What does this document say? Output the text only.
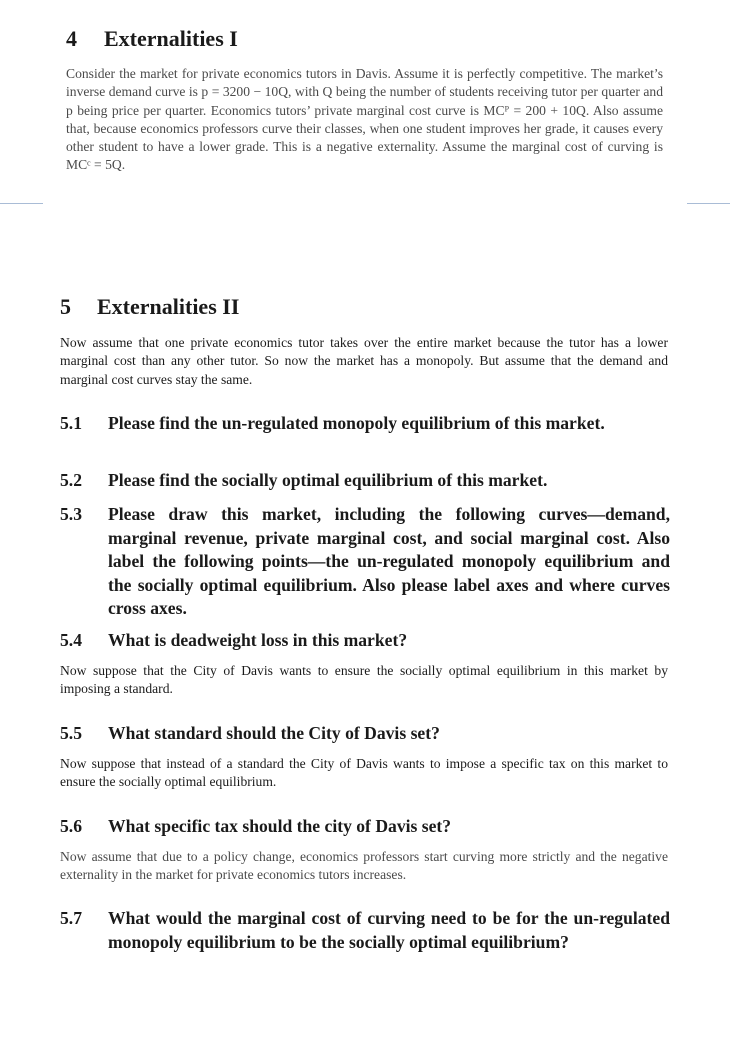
4 Externalities I
Consider the market for private economics tutors in Davis. Assume it is perfectly competitive. The market’s inverse demand curve is p = 3200 − 10Q, with Q being the number of students receiving tutor per quarter and p being price per quarter. Economics tutors’ private marginal cost curve is MCᴾ = 200 + 10Q. Also assume that, because economics professors curve their classes, when one student improves her grade, it causes every other student to have a lower grade. This is a negative externality. Assume the marginal cost of curving is MCᶜ = 5Q.
5 Externalities II
Now assume that one private economics tutor takes over the entire market because the tutor has a lower marginal cost than any other tutor. So now the market has a monopoly. But assume that the demand and marginal cost curves stay the same.
5.1	Please find the un-regulated monopoly equilibrium of this market.
5.2	Please find the socially optimal equilibrium of this market.
5.3	Please draw this market, including the following curves—demand, marginal revenue, private marginal cost, and social marginal cost. Also label the following points—the un-regulated monopoly equilibrium and the socially optimal equilibrium. Also please label axes and where curves cross axes.
5.4	What is deadweight loss in this market?
Now suppose that the City of Davis wants to ensure the socially optimal equilibrium in this market by imposing a standard.
5.5	What standard should the City of Davis set?
Now suppose that instead of a standard the City of Davis wants to impose a specific tax on this market to ensure the socially optimal equilibrium.
5.6	What specific tax should the city of Davis set?
Now assume that due to a policy change, economics professors start curving more strictly and the negative externality in the market for private economics tutors increases.
5.7	What would the marginal cost of curving need to be for the un-regulated monopoly equilibrium to be the socially optimal equilibrium?
